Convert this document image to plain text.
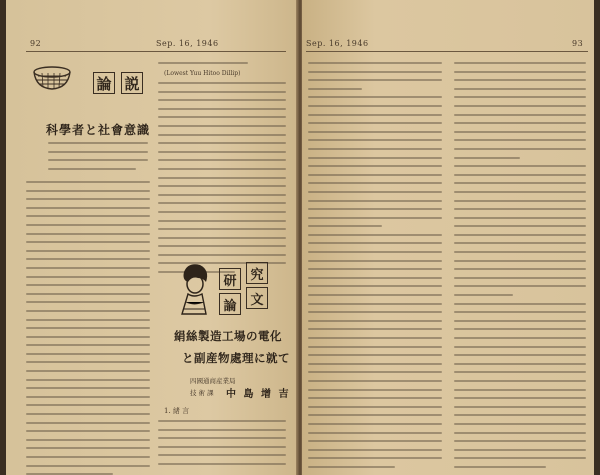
92	Sep. 16, 1946
論 説
科學者と社會意識
(Lowest Yuu Hitoo Dillip)
研	究
論	文
絹絲製造工場の電化
と副産物處理に就て
四國通商産業局
技 術 課 中 島 增 吉
1. 緒 言
Sep. 16, 1946	93
